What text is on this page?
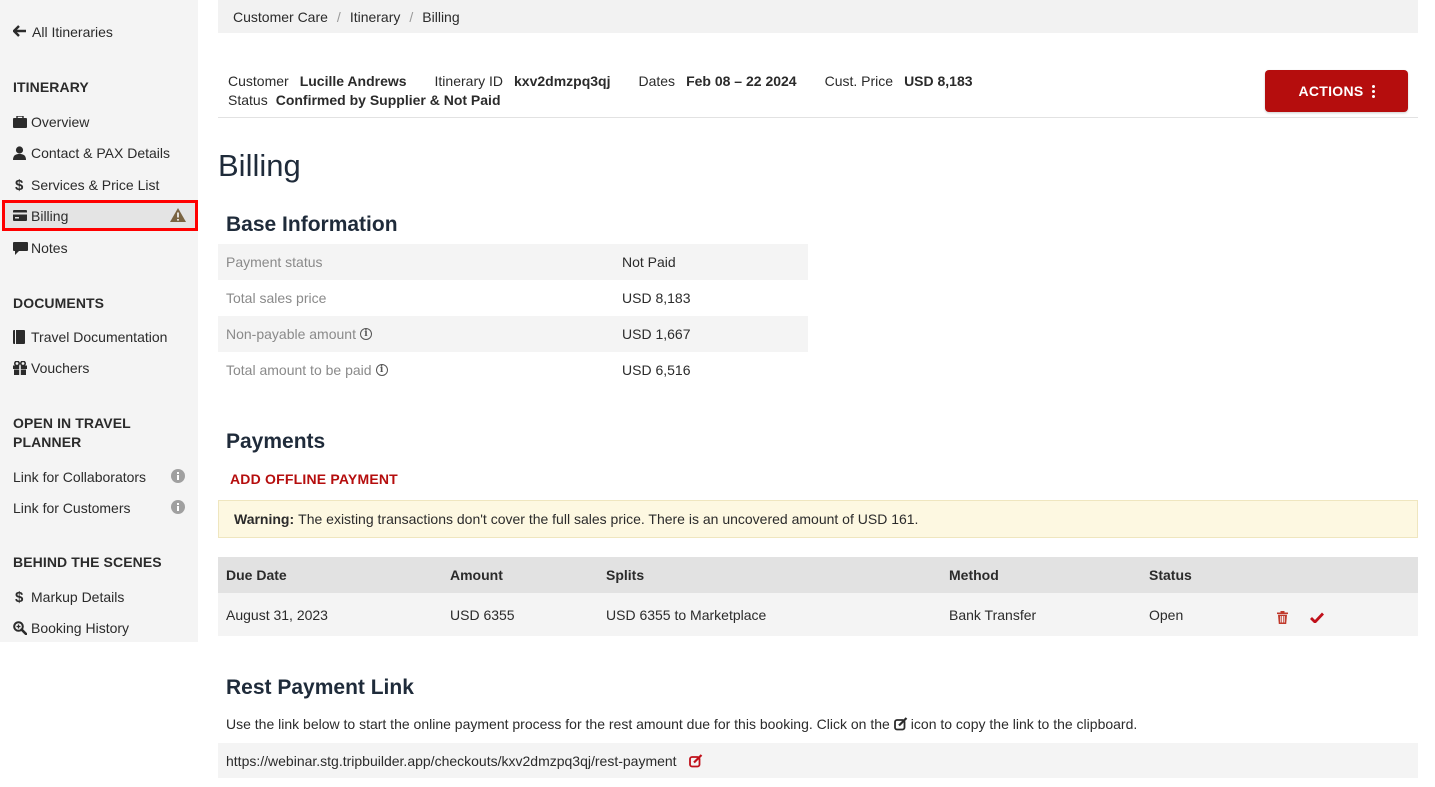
All Itineraries
ITINERARY
Overview
Contact & PAX Details
$ Services & Price List
Billing
Notes
DOCUMENTS
Travel Documentation
Vouchers
OPEN IN TRAVEL
PLANNER
Link for Collaborators
Link for Customers
BEHIND THE SCENES
$ Markup Details
Booking History
Customer Care / Itinerary / Billing
Customer Lucille Andrews Itinerary ID kxv2dmzpq3qj Dates Feb 08 – 22 2024 Cust. Price USD 8,183
Status Confirmed by Supplier & Not Paid
ACTIONS
Billing
Base Information
Payment status	Not Paid
Total sales price	USD 8,183
Non-payable amount i	USD 1,667
Total amount to be paid i	USD 6,516
Payments
ADD OFFLINE PAYMENT
Warning: The existing transactions don't cover the full sales price. There is an uncovered amount of USD 161.
Due Date	Amount	Splits	Method	Status
August 31, 2023	USD 6355	USD 6355 to Marketplace	Bank Transfer	Open
Rest Payment Link
Use the link below to start the online payment process for the rest amount due for this booking. Click on the icon to copy the link to the clipboard.
https://webinar.stg.tripbuilder.app/checkouts/kxv2dmzpq3qj/rest-payment
